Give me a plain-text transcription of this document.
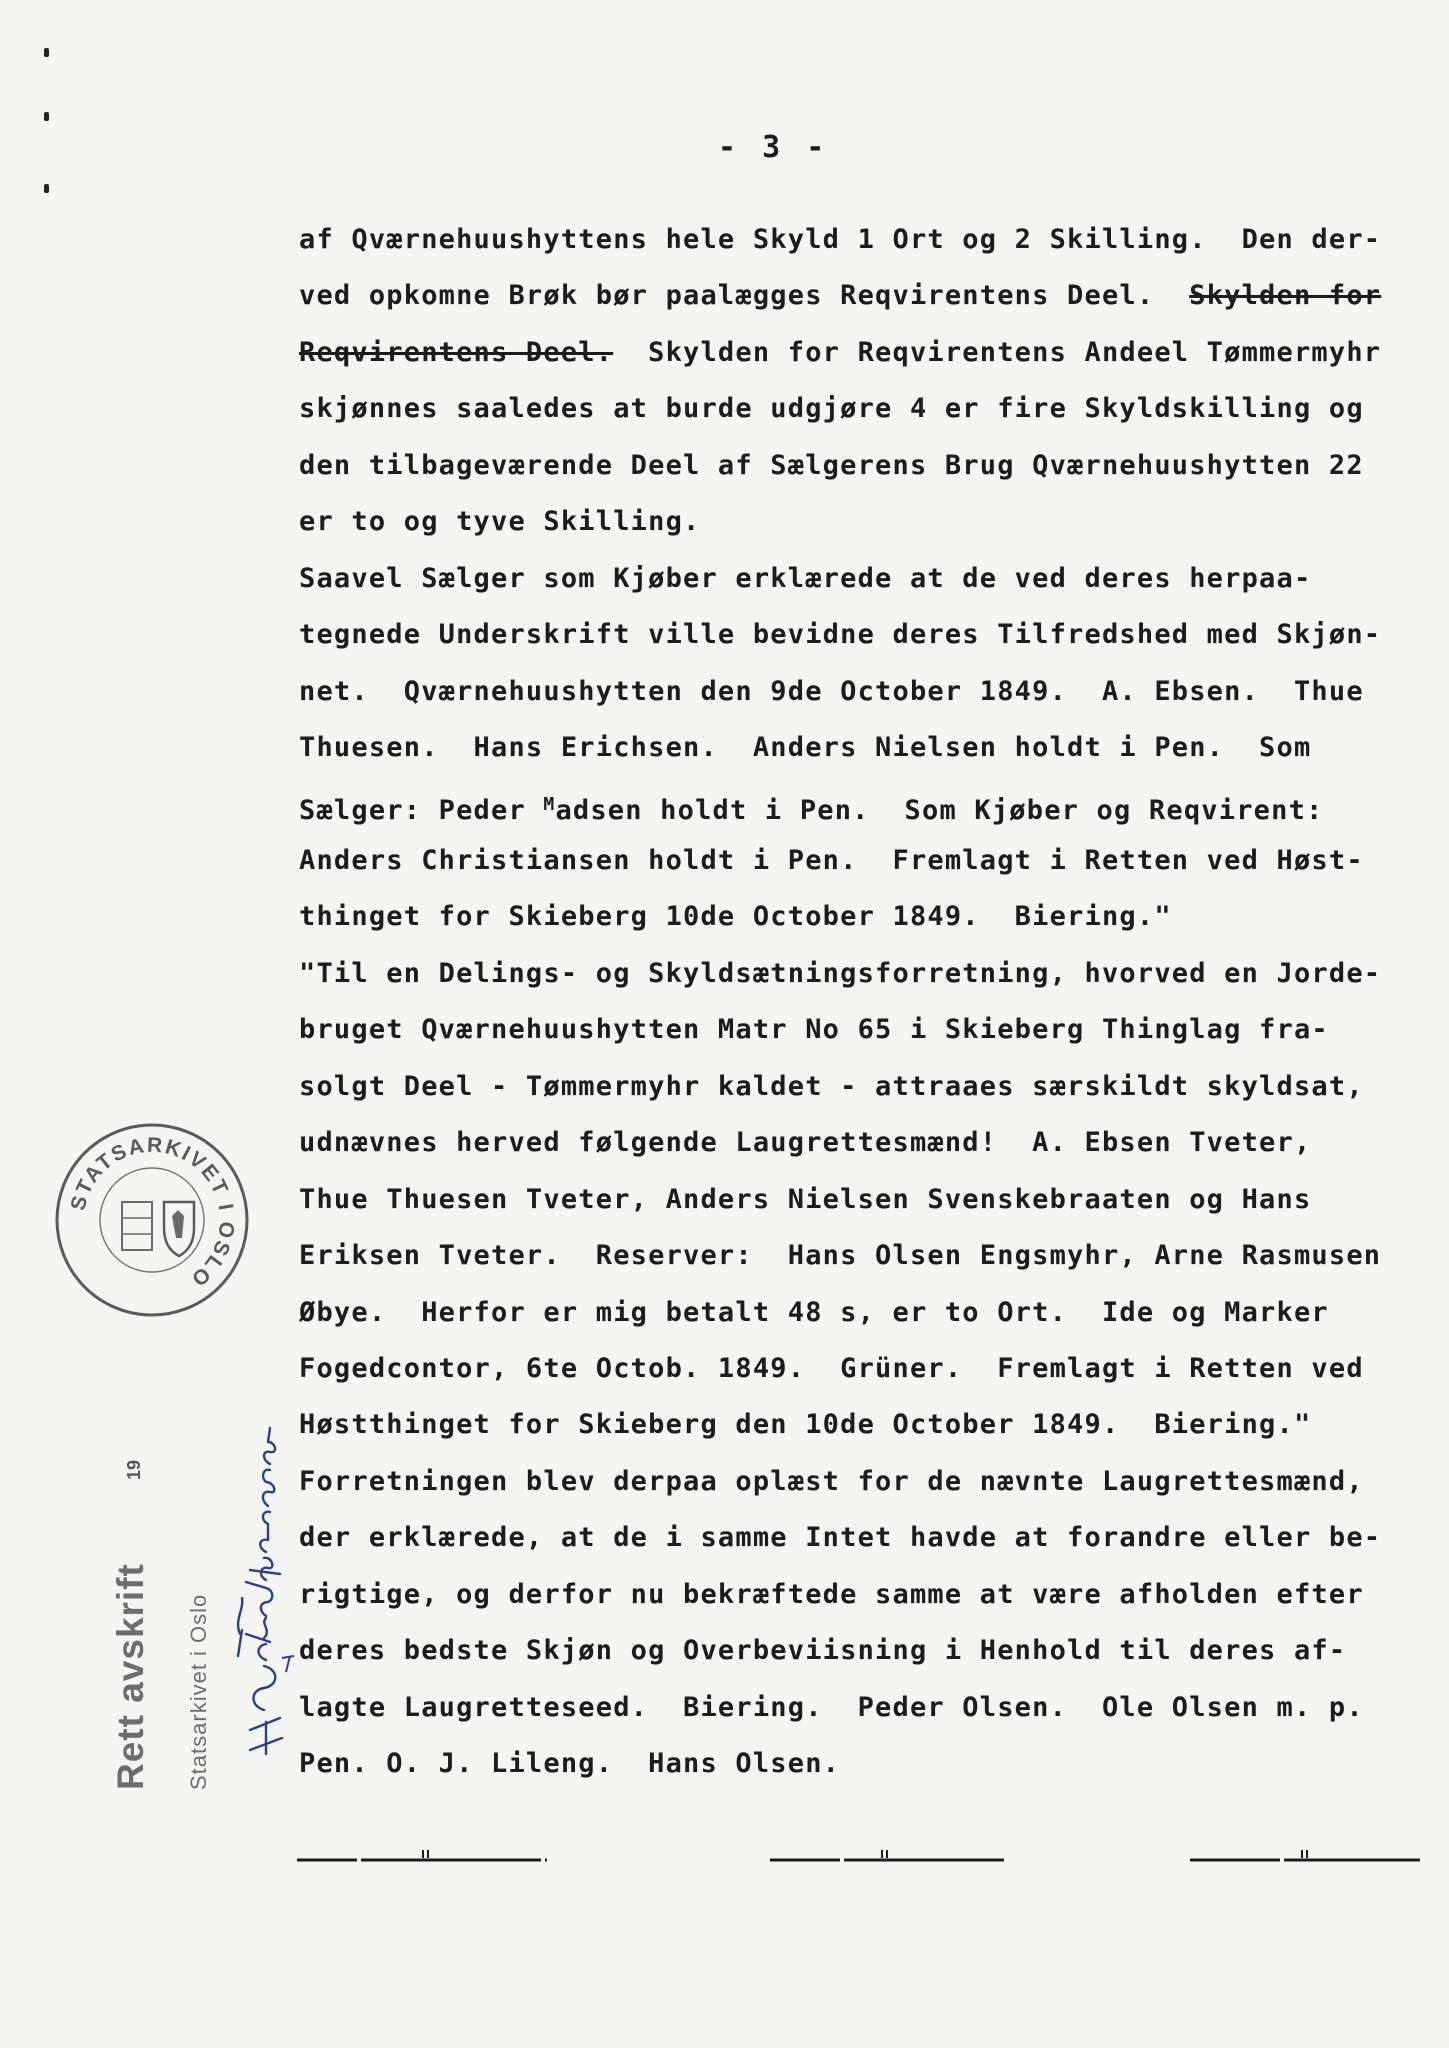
- 3 -
af Qværnehuushyttens hele Skyld 1 Ort og 2 Skilling.  Den der-
ved opkomne Brøk bør paalægges Reqvirentens Deel.  Skylden for
Reqvirentens Deel.  Skylden for Reqvirentens Andeel Tømmermyhr
skjønnes saaledes at burde udgjøre 4 er fire Skyldskilling og
den tilbageværende Deel af Sælgerens Brug Qværnehuushytten 22
er to og tyve Skilling.
Saavel Sælger som Kjøber erklærede at de ved deres herpaa-
tegnede Underskrift ville bevidne deres Tilfredshed med Skjøn-
net.  Qværnehuushytten den 9de October 1849.  A. Ebsen.  Thue
Thuesen.  Hans Erichsen.  Anders Nielsen holdt i Pen.  Som
Sælger: Peder $^M$adsen holdt i Pen.  Som Kjøber og Reqvirent:
Anders Christiansen holdt i Pen.  Fremlagt i Retten ved Høst-
thinget for Skieberg 10de October 1849.  Biering."
"Til en Delings- og Skyldsætningsforretning, hvorved en Jorde-
bruget Qværnehuushytten Matr No 65 i Skieberg Thinglag fra-
solgt Deel - Tømmermyhr kaldet - attraaes særskildt skyldsat,
udnævnes herved følgende Laugrettesmænd!  A. Ebsen Tveter,
Thue Thuesen Tveter, Anders Nielsen Svenskebraaten og Hans
Eriksen Tveter.  Reserver:  Hans Olsen Engsmyhr, Arne Rasmusen
Øbye.  Herfor er mig betalt 48 s, er to Ort.  Ide og Marker
Fogedcontor, 6te Octob. 1849.  Grüner.  Fremlagt i Retten ved
Høstthinget for Skieberg den 10de October 1849.  Biering."
Forretningen blev derpaa oplæst for de nævnte Laugrettesmænd,
der erklærede, at de i samme Intet havde at forandre eller be-
rigtige, og derfor nu bekræftede samme at være afholden efter
deres bedste Skjøn og Overbeviisning i Henhold til deres af-
lagte Laugretteseed.  Biering.  Peder Olsen.  Ole Olsen m. p.
Pen. O. J. Lileng.  Hans Olsen.
STATSARKIVET I OSLO
Rett avskrift Statsarkivet i Oslo
19
